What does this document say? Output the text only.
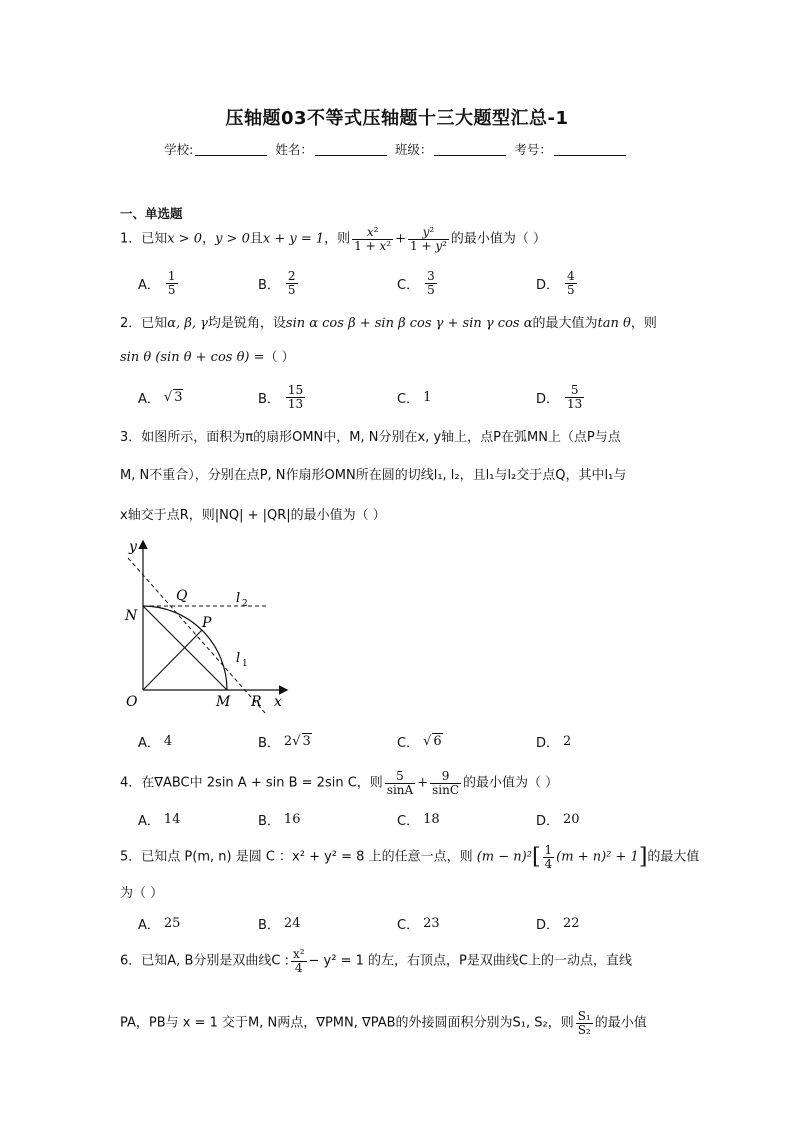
压轴题03不等式压轴题十三大题型汇总-1
学校:	姓名：	班级：	考号：
一、单选题
1．已知x > 0，y > 0且x + y = 1，则 $\frac{\text{x²}}{\text{1 + x²}} + \frac{\text{y²}}{\text{1 + y²}}$ 的最小值为（ ）
A． $\frac{1}{5}$	B． $\frac{2}{5}$	C． $\frac{3}{5}$	D． $\frac{4}{5}$
2．已知α, β, γ均是锐角，设sin α cos β + sin β cos γ + sin γ cos α的最大值为tan θ，则
sin θ (sin θ + cos θ) =（ ）
A． √ 3	B． $\frac{15}{13}$	C． 1	D． $\frac{5}{13}$
3．如图所示，面积为π的扇形OMN中，M, N分别在x, y轴上，点P在弧MN上（点P与点
M, N不重合），分别在点P, N作扇形OMN所在圆的切线l₁, l₂，且l₁与l₂交于点Q，其中l₁与
x轴交于点R，则|NQ| + |QR|的最小值为（ ）
y
x
O	M R
N	P
Q	l 2
l 1
A． 4	B． 2 √ 3	C． √ 6	D． 2
4．在∇ABC中 2sin A + sin B = 2sin C，则 $\frac{5}{\sin A} + \frac{9}{\sin C}$ 的最小值为（ ）
A． 14	B． 16	C． 18	D． 20
5．已知点 P(m, n) 是圆 C ：x² + y² = 8 上的任意一点，则 $(m - n)^2[ \frac{1}{4} (m + n)^2 + 1]$的最大值
为（ ）
A． 25	B． 24	C． 23	D． 22
6．已知A, B分别是双曲线C : $\frac{\text{x²}}{4} - y^2 = 1$ 的左，右顶点，P是双曲线C上的一动点，直线
PA，PB与 x = 1 交于M, N两点，∇PMN, ∇PAB的外接圆面积分别为S₁, S₂，则 $\frac{\text{S₁}}{\text{S₂}}$ 的最小值
